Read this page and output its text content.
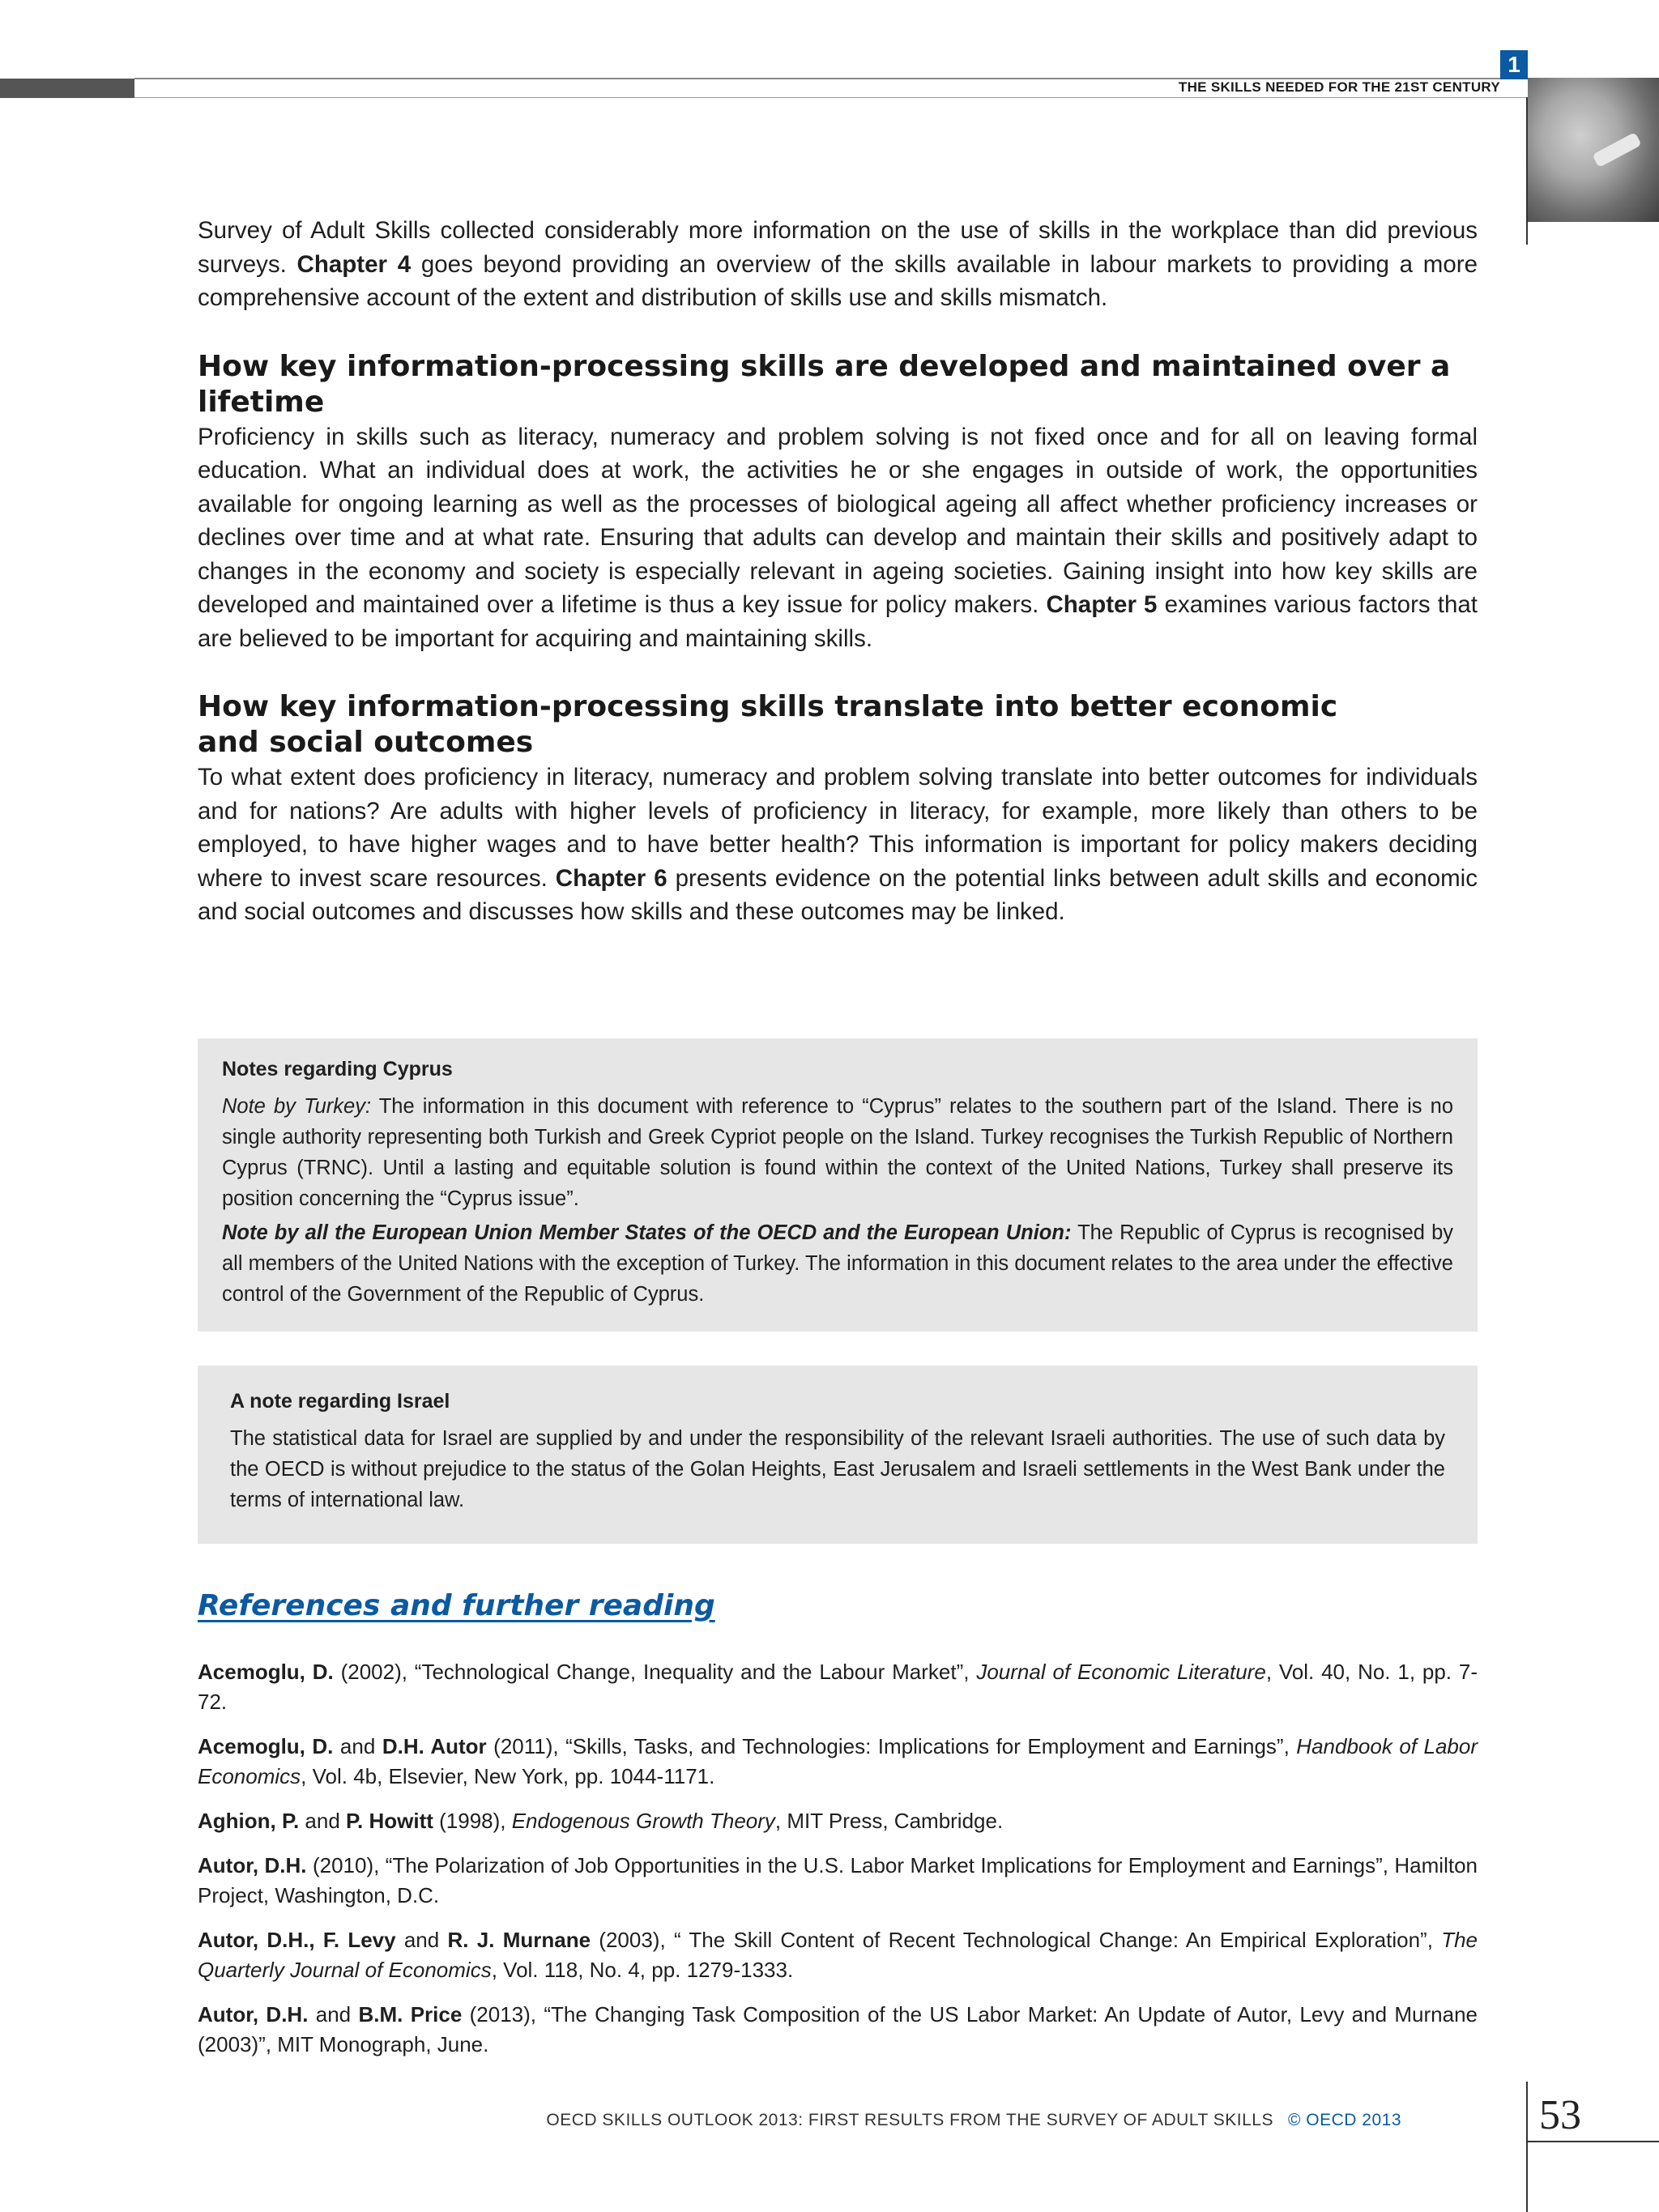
1
THE SKILLS NEEDED FOR THE 21ST CENTURY

Survey of Adult Skills collected considerably more information on the use of skills in the workplace than did previous surveys. Chapter 4 goes beyond providing an overview of the skills available in labour markets to providing a more comprehensive account of the extent and distribution of skills use and skills mismatch.

How key information-processing skills are developed and maintained over a lifetime

Proficiency in skills such as literacy, numeracy and problem solving is not fixed once and for all on leaving formal education. What an individual does at work, the activities he or she engages in outside of work, the opportunities available for ongoing learning as well as the processes of biological ageing all affect whether proficiency increases or declines over time and at what rate. Ensuring that adults can develop and maintain their skills and positively adapt to changes in the economy and society is especially relevant in ageing societies. Gaining insight into how key skills are developed and maintained over a lifetime is thus a key issue for policy makers. Chapter 5 examines various factors that are believed to be important for acquiring and maintaining skills.

How key information-processing skills translate into better economic
and social outcomes

To what extent does proficiency in literacy, numeracy and problem solving translate into better outcomes for individuals and for nations? Are adults with higher levels of proficiency in literacy, for example, more likely than others to be employed, to have higher wages and to have better health? This information is important for policy makers deciding where to invest scare resources. Chapter 6 presents evidence on the potential links between adult skills and economic and social outcomes and discusses how skills and these outcomes may be linked.

Notes regarding Cyprus

Note by Turkey: The information in this document with reference to “Cyprus” relates to the southern part of the Island. There is no single authority representing both Turkish and Greek Cypriot people on the Island. Turkey recognises the Turkish Republic of Northern Cyprus (TRNC). Until a lasting and equitable solution is found within the context of the United Nations, Turkey shall preserve its position concerning the “Cyprus issue”.

Note by all the European Union Member States of the OECD and the European Union: The Republic of Cyprus is recognised by all members of the United Nations with the exception of Turkey. The information in this document relates to the area under the effective control of the Government of the Republic of Cyprus.

A note regarding Israel

The statistical data for Israel are supplied by and under the responsibility of the relevant Israeli authorities. The use of such data by the OECD is without prejudice to the status of the Golan Heights, East Jerusalem and Israeli settlements in the West Bank under the terms of international law.

References and further reading

Acemoglu, D. (2002), “Technological Change, Inequality and the Labour Market”, Journal of Economic Literature, Vol. 40, No. 1, pp. 7-72.

Acemoglu, D. and D.H. Autor (2011), “Skills, Tasks, and Technologies: Implications for Employment and Earnings”, Handbook of Labor Economics, Vol. 4b, Elsevier, New York, pp. 1044-1171.

Aghion, P. and P. Howitt (1998), Endogenous Growth Theory, MIT Press, Cambridge.

Autor, D.H. (2010), “The Polarization of Job Opportunities in the U.S. Labor Market Implications for Employment and Earnings”, Hamilton Project, Washington, D.C.

Autor, D.H., F. Levy and R. J. Murnane (2003), “ The Skill Content of Recent Technological Change: An Empirical Exploration”, The Quarterly Journal of Economics, Vol. 118, No. 4, pp. 1279-1333.

Autor, D.H. and B.M. Price (2013), “The Changing Task Composition of the US Labor Market: An Update of Autor, Levy and Murnane (2003)”, MIT Monograph, June.

OECD SKILLS OUTLOOK 2013: FIRST RESULTS FROM THE SURVEY OF ADULT SKILLS © OECD 2013	53
